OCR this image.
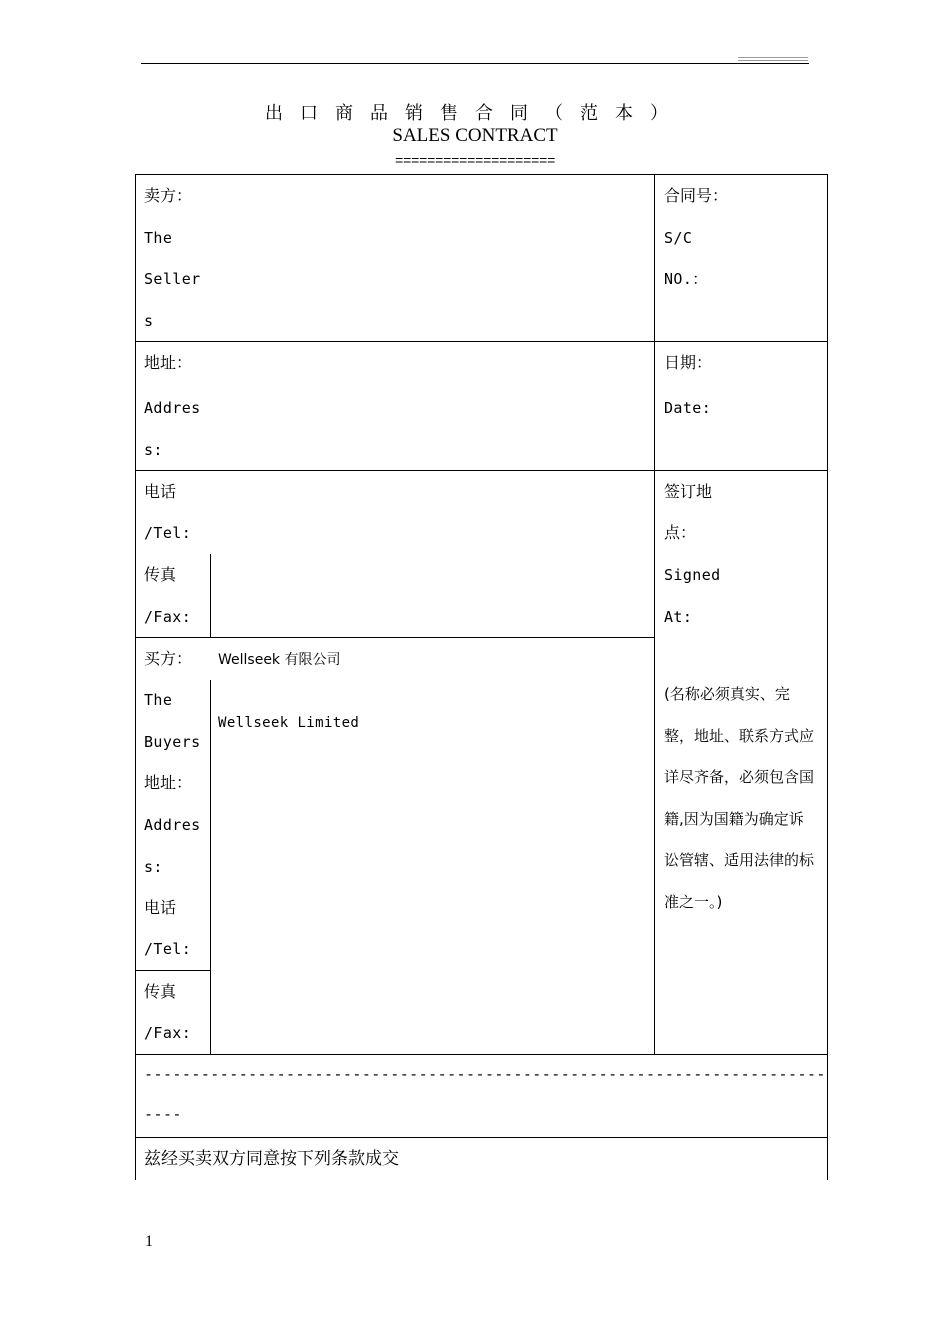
出口商品销售合同（范本）
SALES CONTRACT
====================
卖方：
The
Seller
s
合同号：
S/C
NO.：
地址：
Addres
s:
日期：
Date:
电话
/Tel:
传真
/Fax:
签订地
点：
Signed
At:
(名称必须真实、完整，地址、联系方式应详尽齐备，必须包含国籍,因为国籍为确定诉讼管辖、适用法律的标准之一。)
买方： Wellseek 有限公司
The
Wellseek Limited
Buyers
地址：
Addres
s:
电话
/Tel:
传真
/Fax:
------------------------------------------------------------------------
----
兹经买卖双方同意按下列条款成交
1
